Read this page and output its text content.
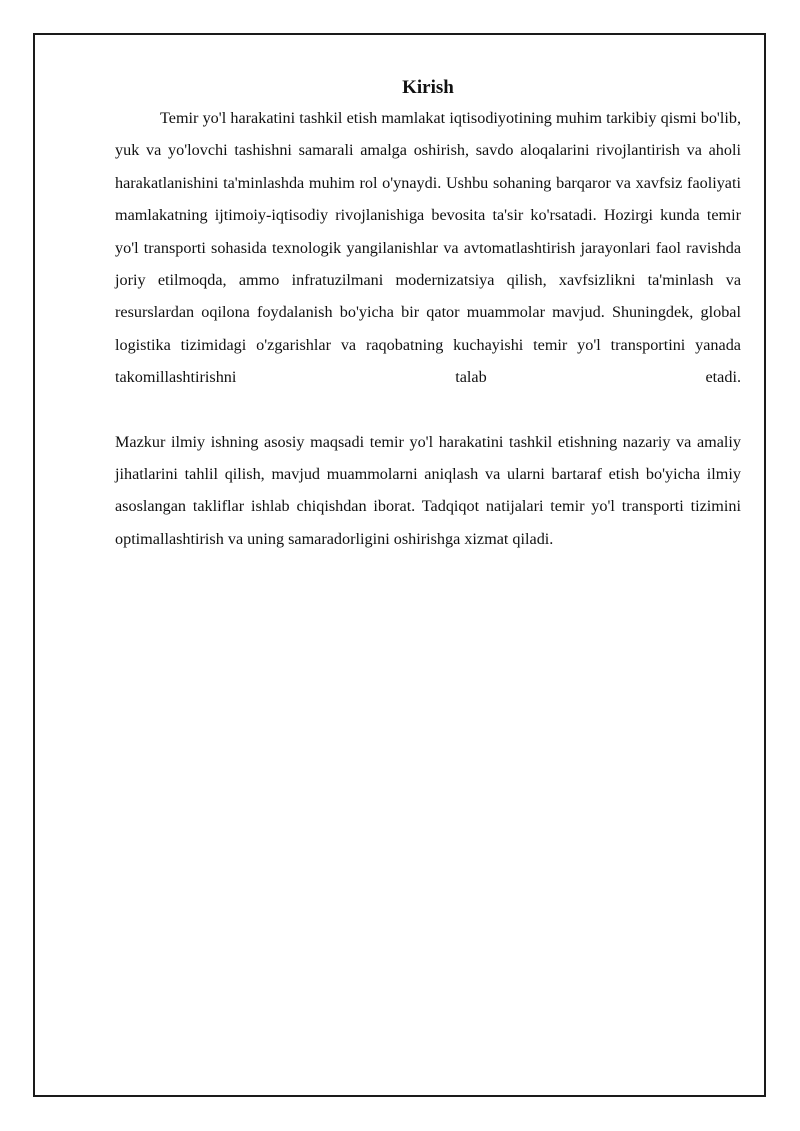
Kirish

Temir yo'l harakatini tashkil etish mamlakat iqtisodiyotining muhim tarkibiy qismi bo'lib, yuk va yo'lovchi tashishni samarali amalga oshirish, savdo aloqalarini rivojlantirish va aholi harakatlanishini ta'minlashda muhim rol o'ynaydi. Ushbu sohaning barqaror va xavfsiz faoliyati mamlakatning ijtimoiy-iqtisodiy rivojlanishiga bevosita ta'sir ko'rsatadi. Hozirgi kunda temir yo'l transporti sohasida texnologik yangilanishlar va avtomatlashtirish jarayonlari faol ravishda joriy etilmoqda, ammo infratuzilmani modernizatsiya qilish, xavfsizlikni ta'minlash va resurslardan oqilona foydalanish bo'yicha bir qator muammolar mavjud. Shuningdek, global logistika tizimidagi o'zgarishlar va raqobatning kuchayishi temir yo'l transportini yanada takomillashtirishni talab etadi.

Mazkur ilmiy ishning asosiy maqsadi temir yo'l harakatini tashkil etishning nazariy va amaliy jihatlarini tahlil qilish, mavjud muammolarni aniqlash va ularni bartaraf etish bo'yicha ilmiy asoslangan takliflar ishlab chiqishdan iborat. Tadqiqot natijalari temir yo'l transporti tizimini optimallashtirish va uning samaradorligini oshirishga xizmat qiladi.
